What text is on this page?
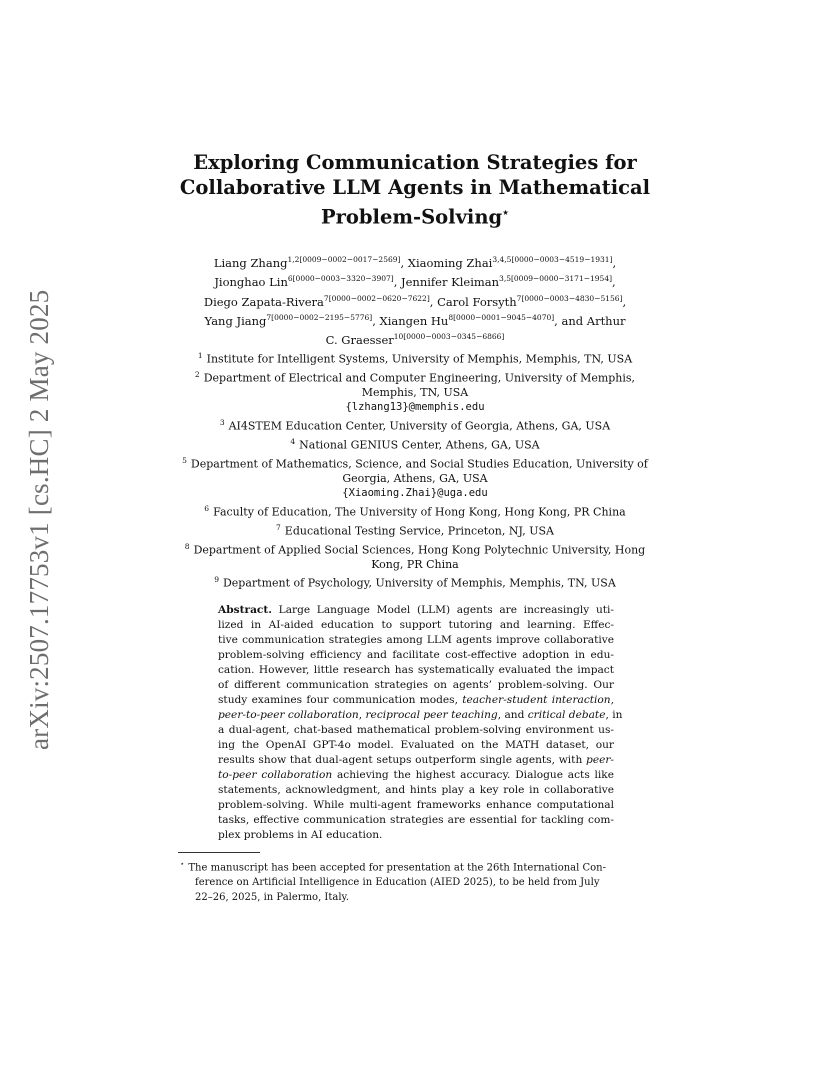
arXiv:2507.17753v1 [cs.HC] 2 May 2025
Exploring Communication Strategies for
Collaborative LLM Agents in Mathematical
Problem-Solving⋆
Liang Zhang$^{1,2[0009-0002-0017-2569]}$, Xiaoming Zhai$^{3,4,5[0000-0003-4519-1931]}$,
Jionghao Lin$^{6[0000-0003-3320-3907]}$, Jennifer Kleiman$^{3,5[0009-0000-3171-1954]}$,
Diego Zapata-Rivera$^{7[0000-0002-0620-7622]}$, Carol Forsyth$^{7[0000-0003-4830-5156]}$,
Yang Jiang$^{7[0000-0002-2195-5776]}$, Xiangen $Hu^{8[0000-0001-9045-4070]}$, and Arthur
C. Graesser$^{10[0000-0003-0345-6866]}$
$^1$ Institute for Intelligent Systems, University of Memphis, Memphis, TN, USA
$^2$ Department of Electrical and Computer Engineering, University of Memphis,
Memphis, TN, USA
{lzhang13}@memphis.edu
$^3$ AI4STEM Education Center, University of Georgia, Athens, GA, USA
$^4$ National GENIUS Center, Athens, GA, USA
$^5$ Department of Mathematics, Science, and Social Studies Education, University of
Georgia, Athens, GA, USA
{Xiaoming.Zhai}@uga.edu
$^6$ Faculty of Education, The University of Hong Kong, Hong Kong, PR China
$^7$ Educational Testing Service, Princeton, NJ, USA
$^8$ Department of Applied Social Sciences, Hong Kong Polytechnic University, Hong
Kong, PR China
$^9$ Department of Psychology, University of Memphis, Memphis, TN, USA
Abstract. Large Language Model (LLM) agents are increasingly uti-
lized in AI-aided education to support tutoring and learning. Effec-
tive communication strategies among LLM agents improve collaborative
problem-solving efficiency and facilitate cost-effective adoption in edu-
cation. However, little research has systematically evaluated the impact
of different communication strategies on agents’ problem-solving. Our
study examines four communication modes, teacher-student interaction,
peer-to-peer collaboration, reciprocal peer teaching, and critical debate, in
a dual-agent, chat-based mathematical problem-solving environment us-
ing the OpenAI GPT-4o model. Evaluated on the MATH dataset, our
results show that dual-agent setups outperform single agents, with peer-
to-peer collaboration achieving the highest accuracy. Dialogue acts like
statements, acknowledgment, and hints play a key role in collaborative
problem-solving. While multi-agent frameworks enhance computational
tasks, effective communication strategies are essential for tackling com-
plex problems in AI education.
⋆ The manuscript has been accepted for presentation at the 26th International Con-
ference on Artificial Intelligence in Education (AIED 2025), to be held from July
22–26, 2025, in Palermo, Italy.
